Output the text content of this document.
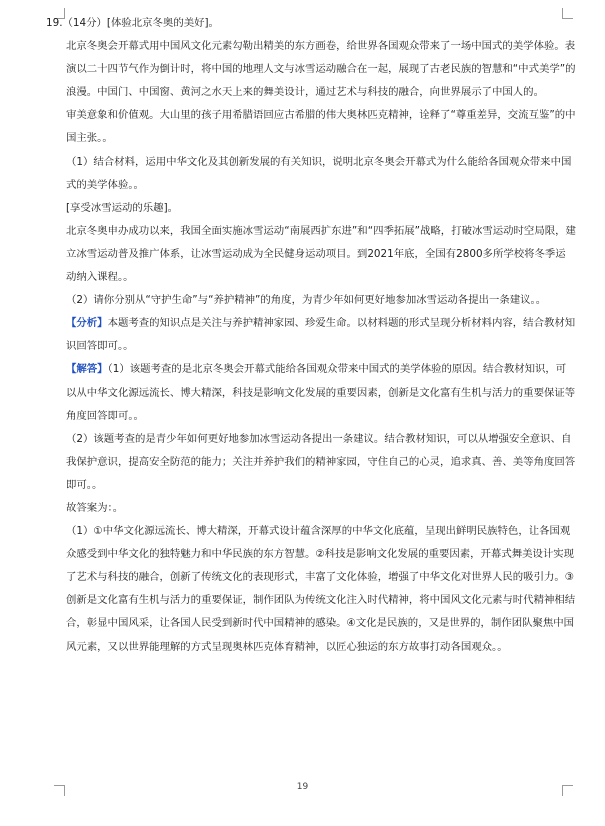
19.（14分）[体验北京冬奥的美好]。

北京冬奥会开幕式用中国风文化元素勾勒出精美的东方画卷，给世界各国观众带来了一场中国式的美学体验。表演以二十四节气作为倒计时，将中国的地理人文与冰雪运动融合在一起，展现了古老民族的智慧和“中式美学”的浪漫。中国门、中国窗、黄河之水天上来的舞美设计，通过艺术与科技的融合，向世界展示了中国人的。

审美意象和价值观。大山里的孩子用希腊语回应古希腊的伟大奥林匹克精神，诠释了“尊重差异，交流互鉴”的中国主张。。

（1）结合材料，运用中华文化及其创新发展的有关知识，说明北京冬奥会开幕式为什么能给各国观众带来中国式的美学体验。。

[享受冰雪运动的乐趣]。

北京冬奥申办成功以来，我国全面实施冰雪运动“南展西扩东进”和“四季拓展”战略，打破冰雪运动时空局限，建立冰雪运动普及推广体系，让冰雪运动成为全民健身运动项目。到2021年底，全国有2800多所学校将冬季运动纳入课程。。

（2）请你分别从“守护生命”与“养护精神”的角度，为青少年如何更好地参加冰雪运动各提出一条建议。。

【分析】本题考查的知识点是关注与养护精神家园、珍爱生命。以材料题的形式呈现分析材料内容，结合教材知识回答即可。。

【解答】（1）该题考查的是北京冬奥会开幕式能给各国观众带来中国式的美学体验的原因。结合教材知识，可以从中华文化源远流长、博大精深，科技是影响文化发展的重要因素，创新是文化富有生机与活力的重要保证等角度回答即可。。

（2）该题考查的是青少年如何更好地参加冰雪运动各提出一条建议。结合教材知识，可以从增强安全意识、自我保护意识，提高安全防范的能力；关注并养护我们的精神家园，守住自己的心灵，追求真、善、美等角度回答即可。。

故答案为：。

（1）①中华文化源远流长、博大精深，开幕式设计蕴含深厚的中华文化底蕴，呈现出鲜明民族特色，让各国观众感受到中华文化的独特魅力和中华民族的东方智慧。②科技是影响文化发展的重要因素，开幕式舞美设计实现了艺术与科技的融合，创新了传统文化的表现形式，丰富了文化体验，增强了中华文化对世界人民的吸引力。③创新是文化富有生机与活力的重要保证，制作团队为传统文化注入时代精神，将中国风文化元素与时代精神相结合，彰显中国风采，让各国人民受到新时代中国精神的感染。④文化是民族的，又是世界的，制作团队聚焦中国风元素，又以世界能理解的方式呈现奥林匹克体育精神，以匠心独运的东方故事打动各国观众。。

19
